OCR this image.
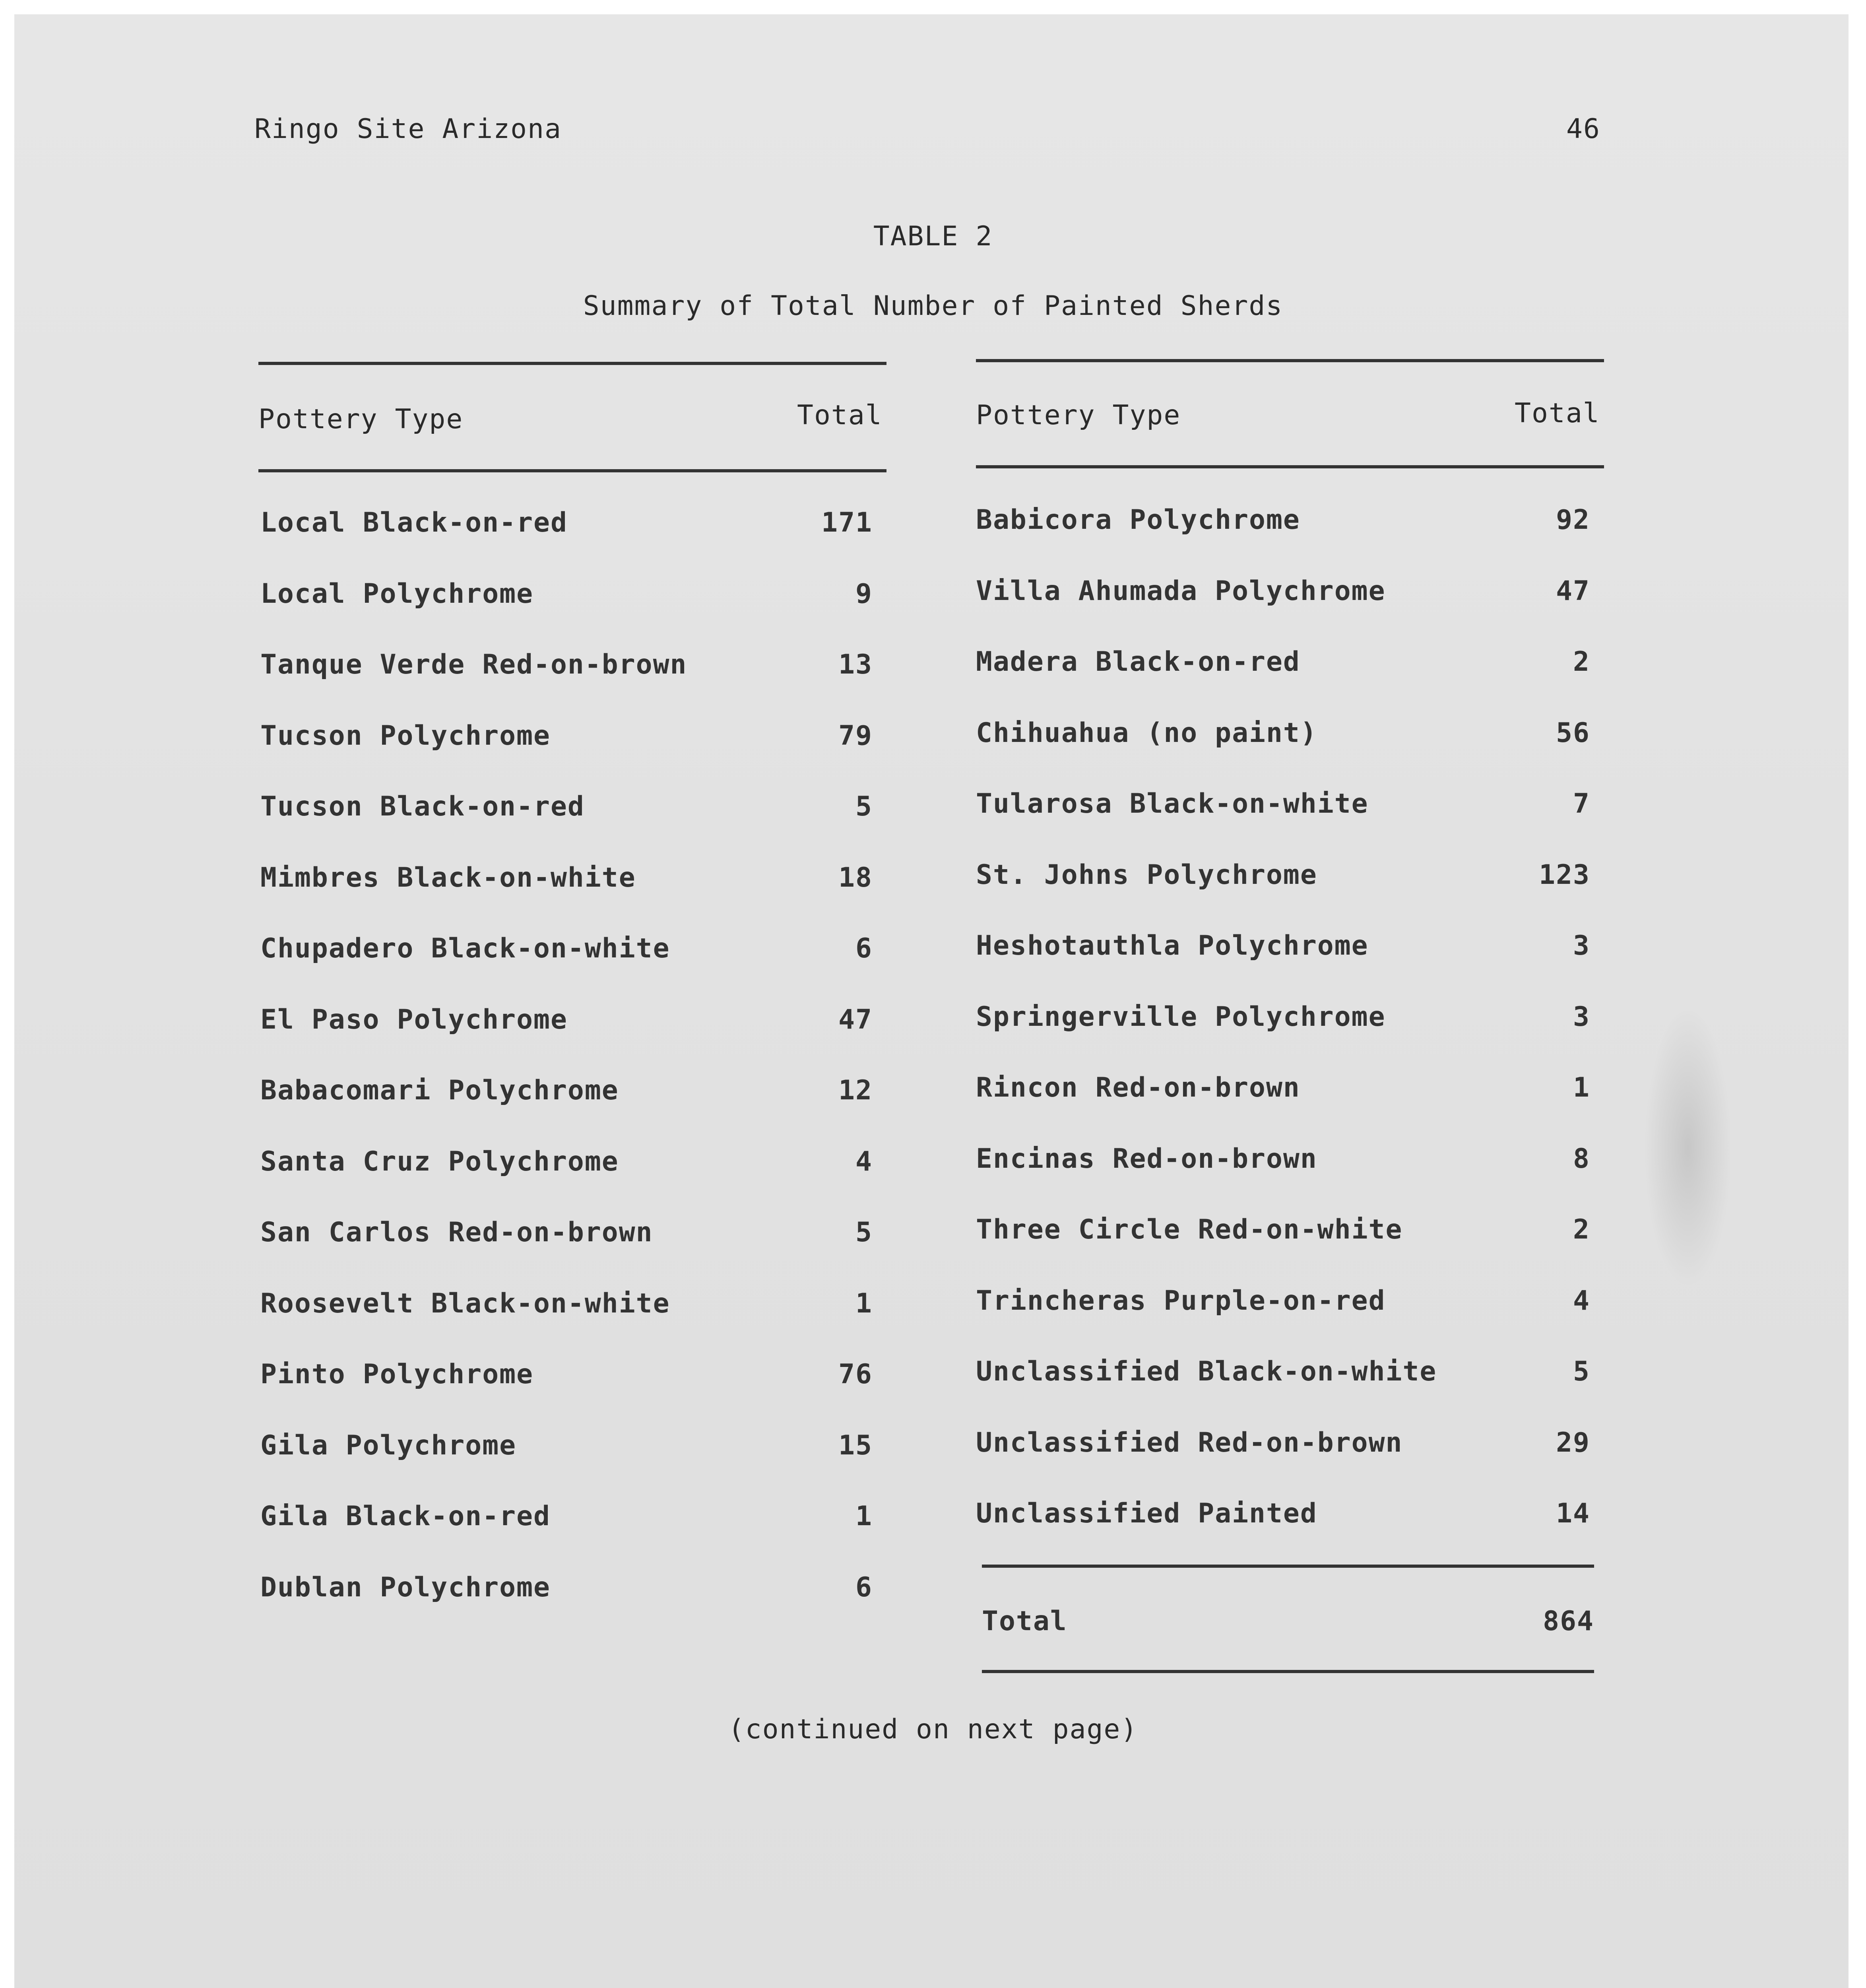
Ringo Site Arizona	46
TABLE 2
Summary of Total Number of Painted Sherds
Pottery Type	Total
Local Black-on-red	171
Local Polychrome	9
Tanque Verde Red-on-brown	13
Tucson Polychrome	79
Tucson Black-on-red	5
Mimbres Black-on-white	18
Chupadero Black-on-white	6
El Paso Polychrome	47
Babacomari Polychrome	12
Santa Cruz Polychrome	4
San Carlos Red-on-brown	5
Roosevelt Black-on-white	1
Pinto Polychrome	76
Gila Polychrome	15
Gila Black-on-red	1
Dublan Polychrome	6
Pottery Type	Total
Babicora Polychrome	92
Villa Ahumada Polychrome	47
Madera Black-on-red	2
Chihuahua (no paint)	56
Tularosa Black-on-white	7
St. Johns Polychrome	123
Heshotauthla Polychrome	3
Springerville Polychrome	3
Rincon Red-on-brown	1
Encinas Red-on-brown	8
Three Circle Red-on-white	2
Trincheras Purple-on-red	4
Unclassified Black-on-white	5
Unclassified Red-on-brown	29
Unclassified Painted	14
Total	864
(continued on next page)
